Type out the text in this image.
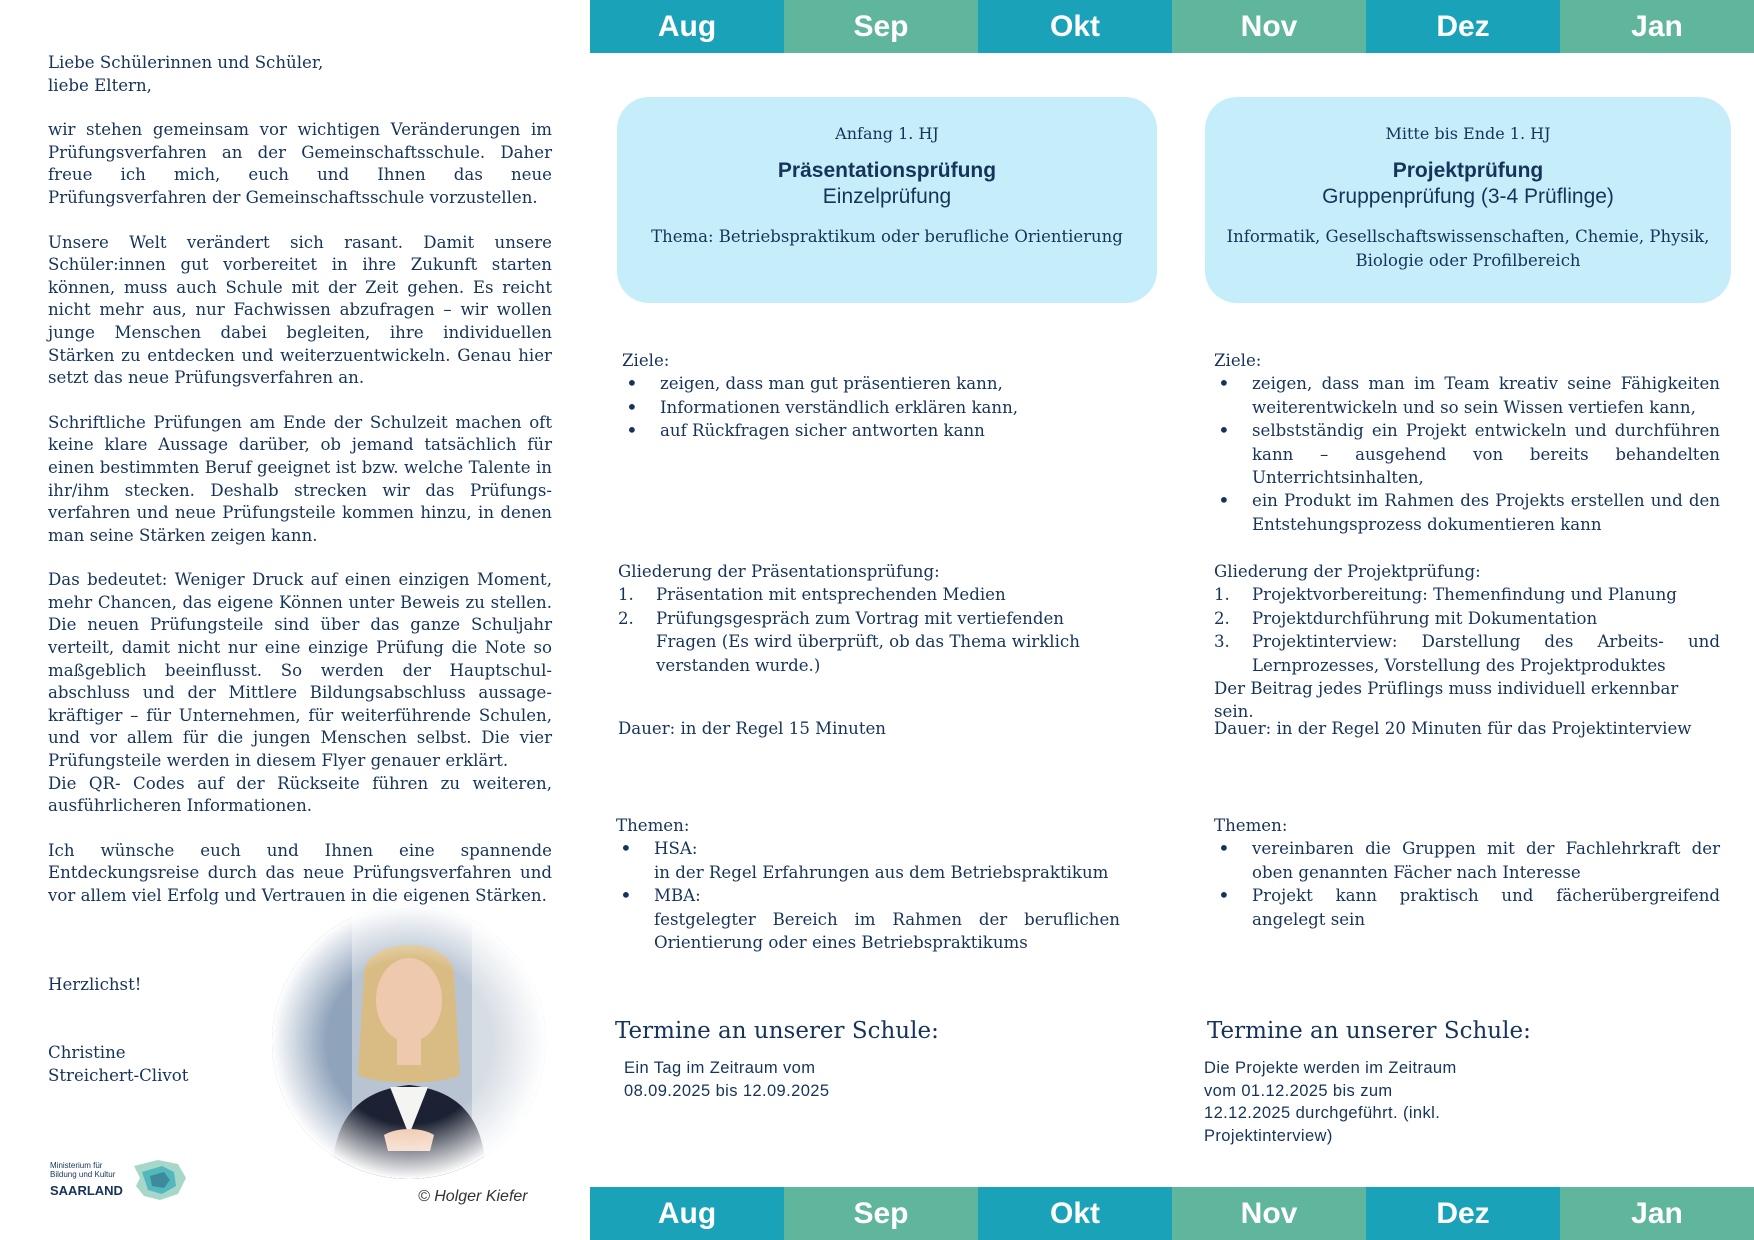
Aug	Sep	Okt	Nov	Dez	Jan
Aug	Sep	Okt	Nov	Dez	Jan

Liebe Schülerinnen und Schüler,

liebe Eltern,

wir stehen gemeinsam vor wichtigen Veränderungen im Prüfungsverfahren an der Gemeinschaftsschule. Daher freue ich mich, euch und Ihnen das neue Prüfungsverfahren der Gemeinschaftsschule vorzustellen.

Unsere Welt verändert sich rasant. Damit unsere Schüler:innen gut vorbereitet in ihre Zukunft starten können, muss auch Schule mit der Zeit gehen. Es reicht nicht mehr aus, nur Fachwissen abzufragen – wir wollen junge Menschen dabei begleiten, ihre individuellen Stärken zu entdecken und weiterzuentwickeln. Genau hier setzt das neue Prüfungsverfahren an.

Schriftliche Prüfungen am Ende der Schulzeit machen oft keine klare Aussage darüber, ob jemand tatsächlich für einen bestimmten Beruf geeignet ist bzw. welche Talente in ihr/ihm stecken. Deshalb strecken wir das Prüfungs-verfahren und neue Prüfungsteile kommen hinzu, in denen man seine Stärken zeigen kann.

Das bedeutet: Weniger Druck auf einen einzigen Moment, mehr Chancen, das eigene Können unter Beweis zu stellen. Die neuen Prüfungsteile sind über das ganze Schuljahr verteilt, damit nicht nur eine einzige Prüfung die Note so maßgeblich beeinflusst. So werden der Hauptschul-abschluss und der Mittlere Bildungsabschluss aussage-kräftiger – für Unternehmen, für weiterführende Schulen, und vor allem für die jungen Menschen selbst. Die vier Prüfungsteile werden in diesem Flyer genauer erklärt.

Die QR- Codes auf der Rückseite führen zu weiteren, ausführlicheren Informationen.

Ich wünsche euch und Ihnen eine spannende Entdeckungsreise durch das neue Prüfungsverfahren und vor allem viel Erfolg und Vertrauen in die eigenen Stärken.

Herzlichst!
Christine
Streichert-Clivot
© Holger Kiefer
Ministerium für
Bildung und Kultur
SAARLAND
Anfang 1. HJ
Präsentationsprüfung
Einzelprüfung
Thema: Betriebspraktikum oder berufliche Orientierung
Mitte bis Ende 1. HJ
Projektprüfung
Gruppenprüfung (3-4 Prüflinge)
Informatik, Gesellschaftswissenschaften, Chemie, Physik, Biologie oder Profilbereich
Ziele:
• zeigen, dass man gut präsentieren kann,
• Informationen verständlich erklären kann,
• auf Rückfragen sicher antworten kann
Gliederung der Präsentationsprüfung:
1. Präsentation mit entsprechenden Medien
2. Prüfungsgespräch zum Vortrag mit vertiefenden Fragen (Es wird überprüft, ob das Thema wirklich verstanden wurde.)
Dauer: in der Regel 15 Minuten
Themen:
• HSA:
in der Regel Erfahrungen aus dem Betriebspraktikum
• MBA:
festgelegter Bereich im Rahmen der beruflichen Orientierung oder eines Betriebspraktikums
Termine an unserer Schule:
Ein Tag im Zeitraum vom
08.09.2025 bis 12.09.2025
Ziele:
• zeigen, dass man im Team kreativ seine Fähigkeiten weiterentwickeln und so sein Wissen vertiefen kann,
• selbstständig ein Projekt entwickeln und durchführen kann – ausgehend von bereits behandelten Unterrichtsinhalten,
• ein Produkt im Rahmen des Projekts erstellen und den Entstehungsprozess dokumentieren kann
Gliederung der Projektprüfung:
1. Projektvorbereitung: Themenfindung und Planung
2. Projektdurchführung mit Dokumentation
3. Projektinterview: Darstellung des Arbeits- und Lernprozesses, Vorstellung des Projektproduktes
Der Beitrag jedes Prüflings muss individuell erkennbar sein.
Dauer: in der Regel 20 Minuten für das Projektinterview
Themen:
• vereinbaren die Gruppen mit der Fachlehrkraft der oben genannten Fächer nach Interesse
• Projekt kann praktisch und fächerübergreifend angelegt sein
Termine an unserer Schule:
Die Projekte werden im Zeitraum
vom 01.12.2025 bis zum
12.12.2025 durchgeführt. (inkl.
Projektinterview)
